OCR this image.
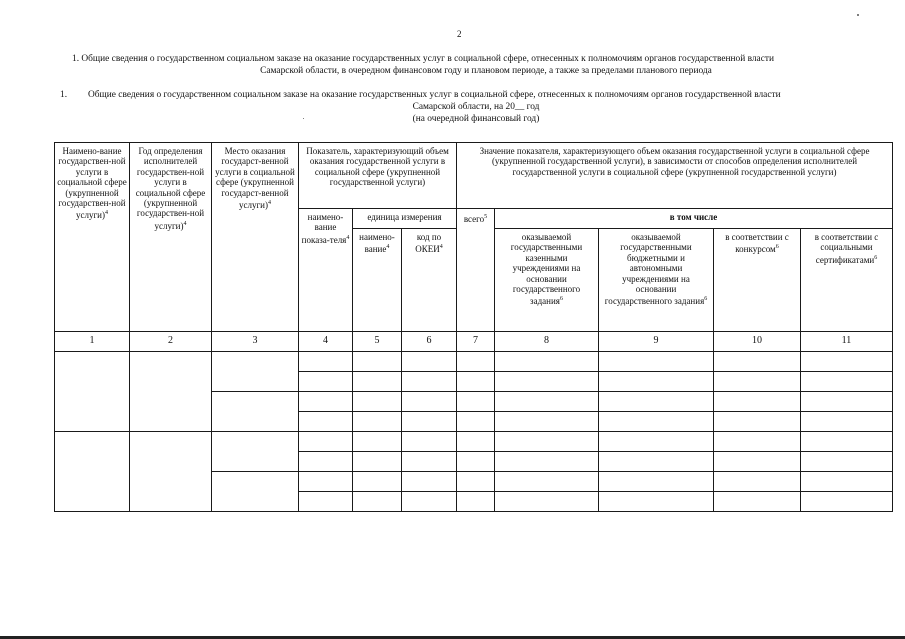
2
1. Общие сведения о государственном социальном заказе на оказание государственных услуг в социальной сфере, отнесенных к полномочиям органов государственной власти
Самарской области, в очередном финансовом году и плановом периоде, а также за пределами планового периода
1. Общие сведения о государственном социальном заказе на оказание государственных услуг в социальной сфере, отнесенных к полномочиям органов государственной власти
Самарской области, на 20__ год
(на очередной финансовый год)
Наимено-вание государствен-ной услуги в социальной сфере (укрупненной государствен-ной услуги)$^4$	Год определения исполнителей государствен-ной услуги в социальной сфере (укрупненной государствен-ной услуги)$^4$	Место оказания государст-венной услуги в социальной сфере (укрупненной государст-венной услуги)$^4$	Показатель, характеризующий объем оказания государственной услуги в социальной сфере (укрупненной государственной услуги)			Значение показателя, характеризующего объем оказания государственной услуги в социальной сфере (укрупненной государственной услуги), в зависимости от способов определения исполнителей государственной услуги в социальной сфере (укрупненной государственной услуги)				
			наимено-вание показа-теля$^4$	единица измерения		всего$^5$	в том числе			
				наимено-вание$^4$	код по ОКЕИ$^4$		оказываемой государственными казенными учреждениями на основании государственного задания$^6$	оказываемой государственными бюджетными и автономными учреждениями на основании государственного задания$^6$	в соответствии с конкурсом$^6$	в соответствии с социальными сертификатами$^6$
1	2	3	4	5	6	7	8	9	10	11
